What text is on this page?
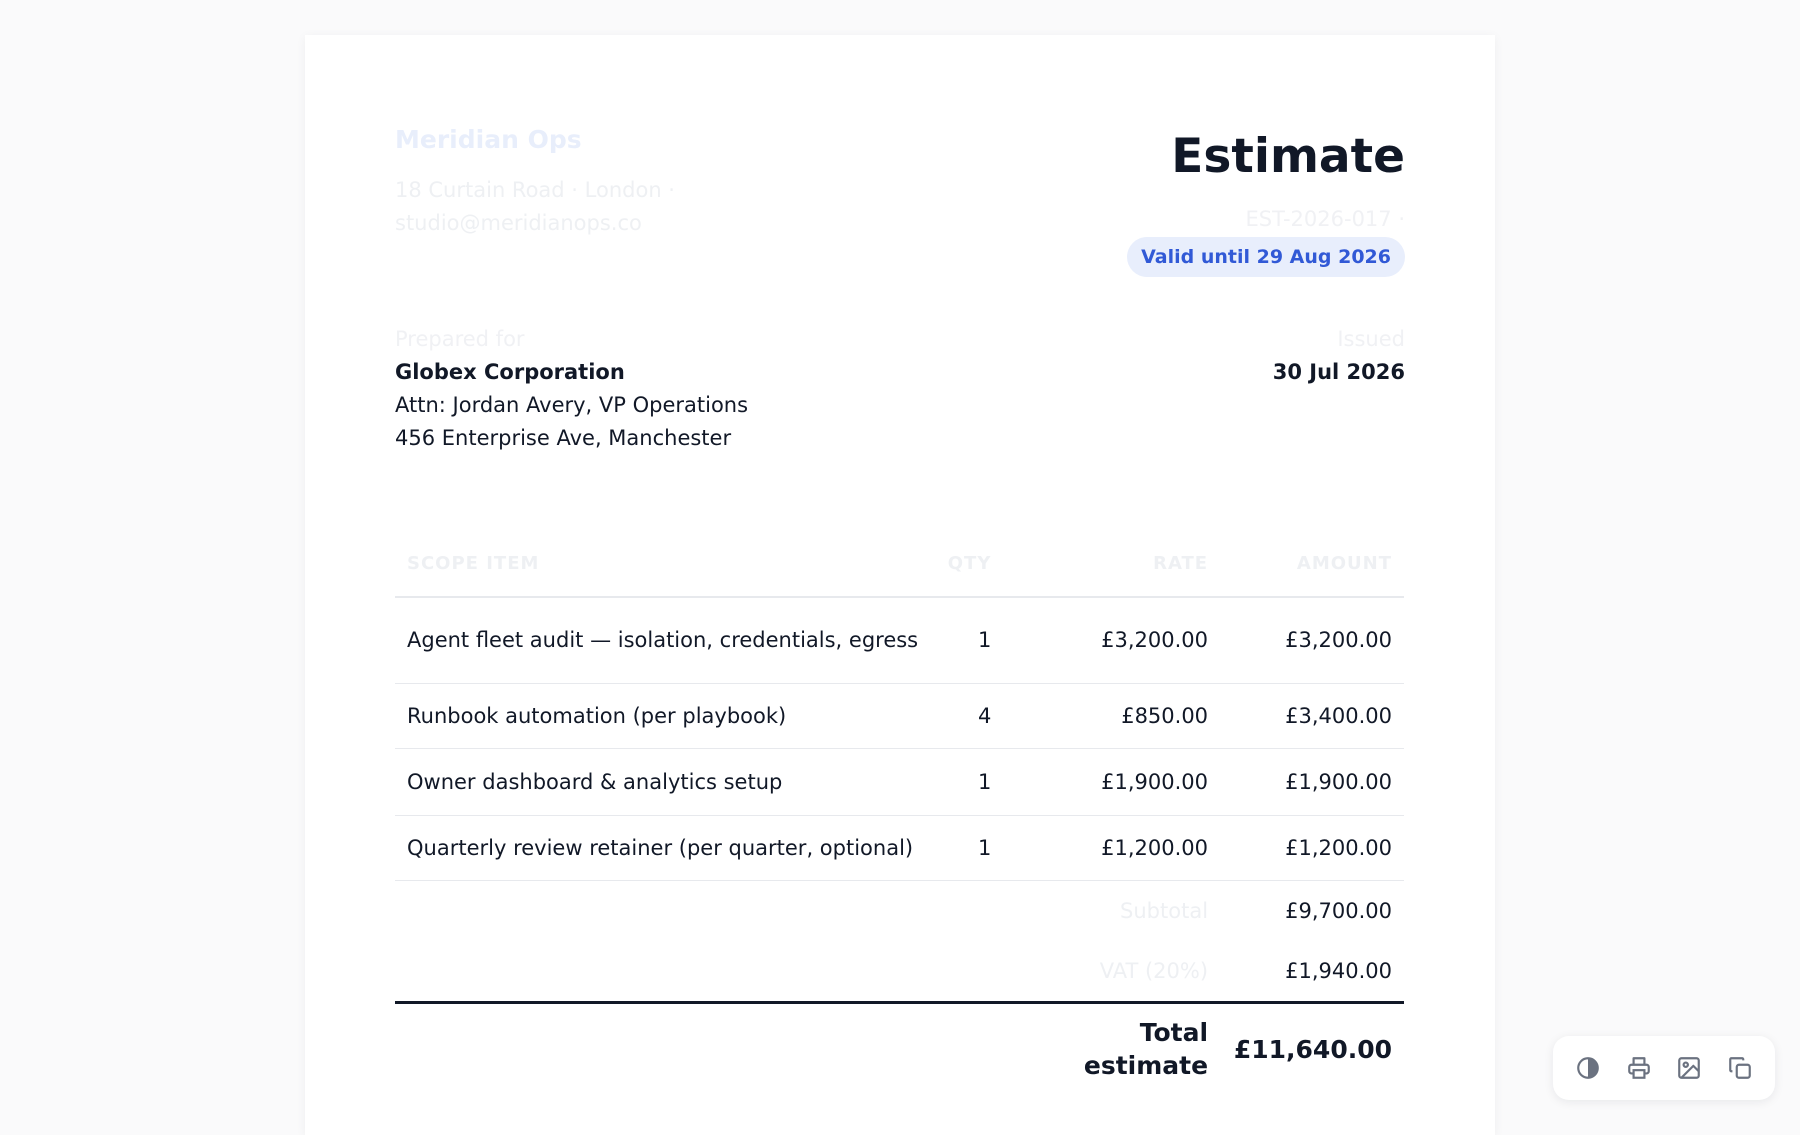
Meridian Ops
18 Curtain Road · London ·
studio@meridianops.co
Estimate
EST-2026-017 ·
Valid until 29 Aug 2026
Prepared for
Globex Corporation
Attn: Jordan Avery, VP Operations
456 Enterprise Ave, Manchester
Issued
30 Jul 2026
SCOPE ITEM	QTY	RATE	AMOUNT
Agent fleet audit — isolation, credentials, egress	1	£3,200.00	£3,200.00
Runbook automation (per playbook)	4	£850.00	£3,400.00
Owner dashboard & analytics setup	1	£1,900.00	£1,900.00
Quarterly review retainer (per quarter, optional)	1	£1,200.00	£1,200.00
		Subtotal	£9,700.00
		VAT (20%)	£1,940.00
		Total estimate	£11,640.00
